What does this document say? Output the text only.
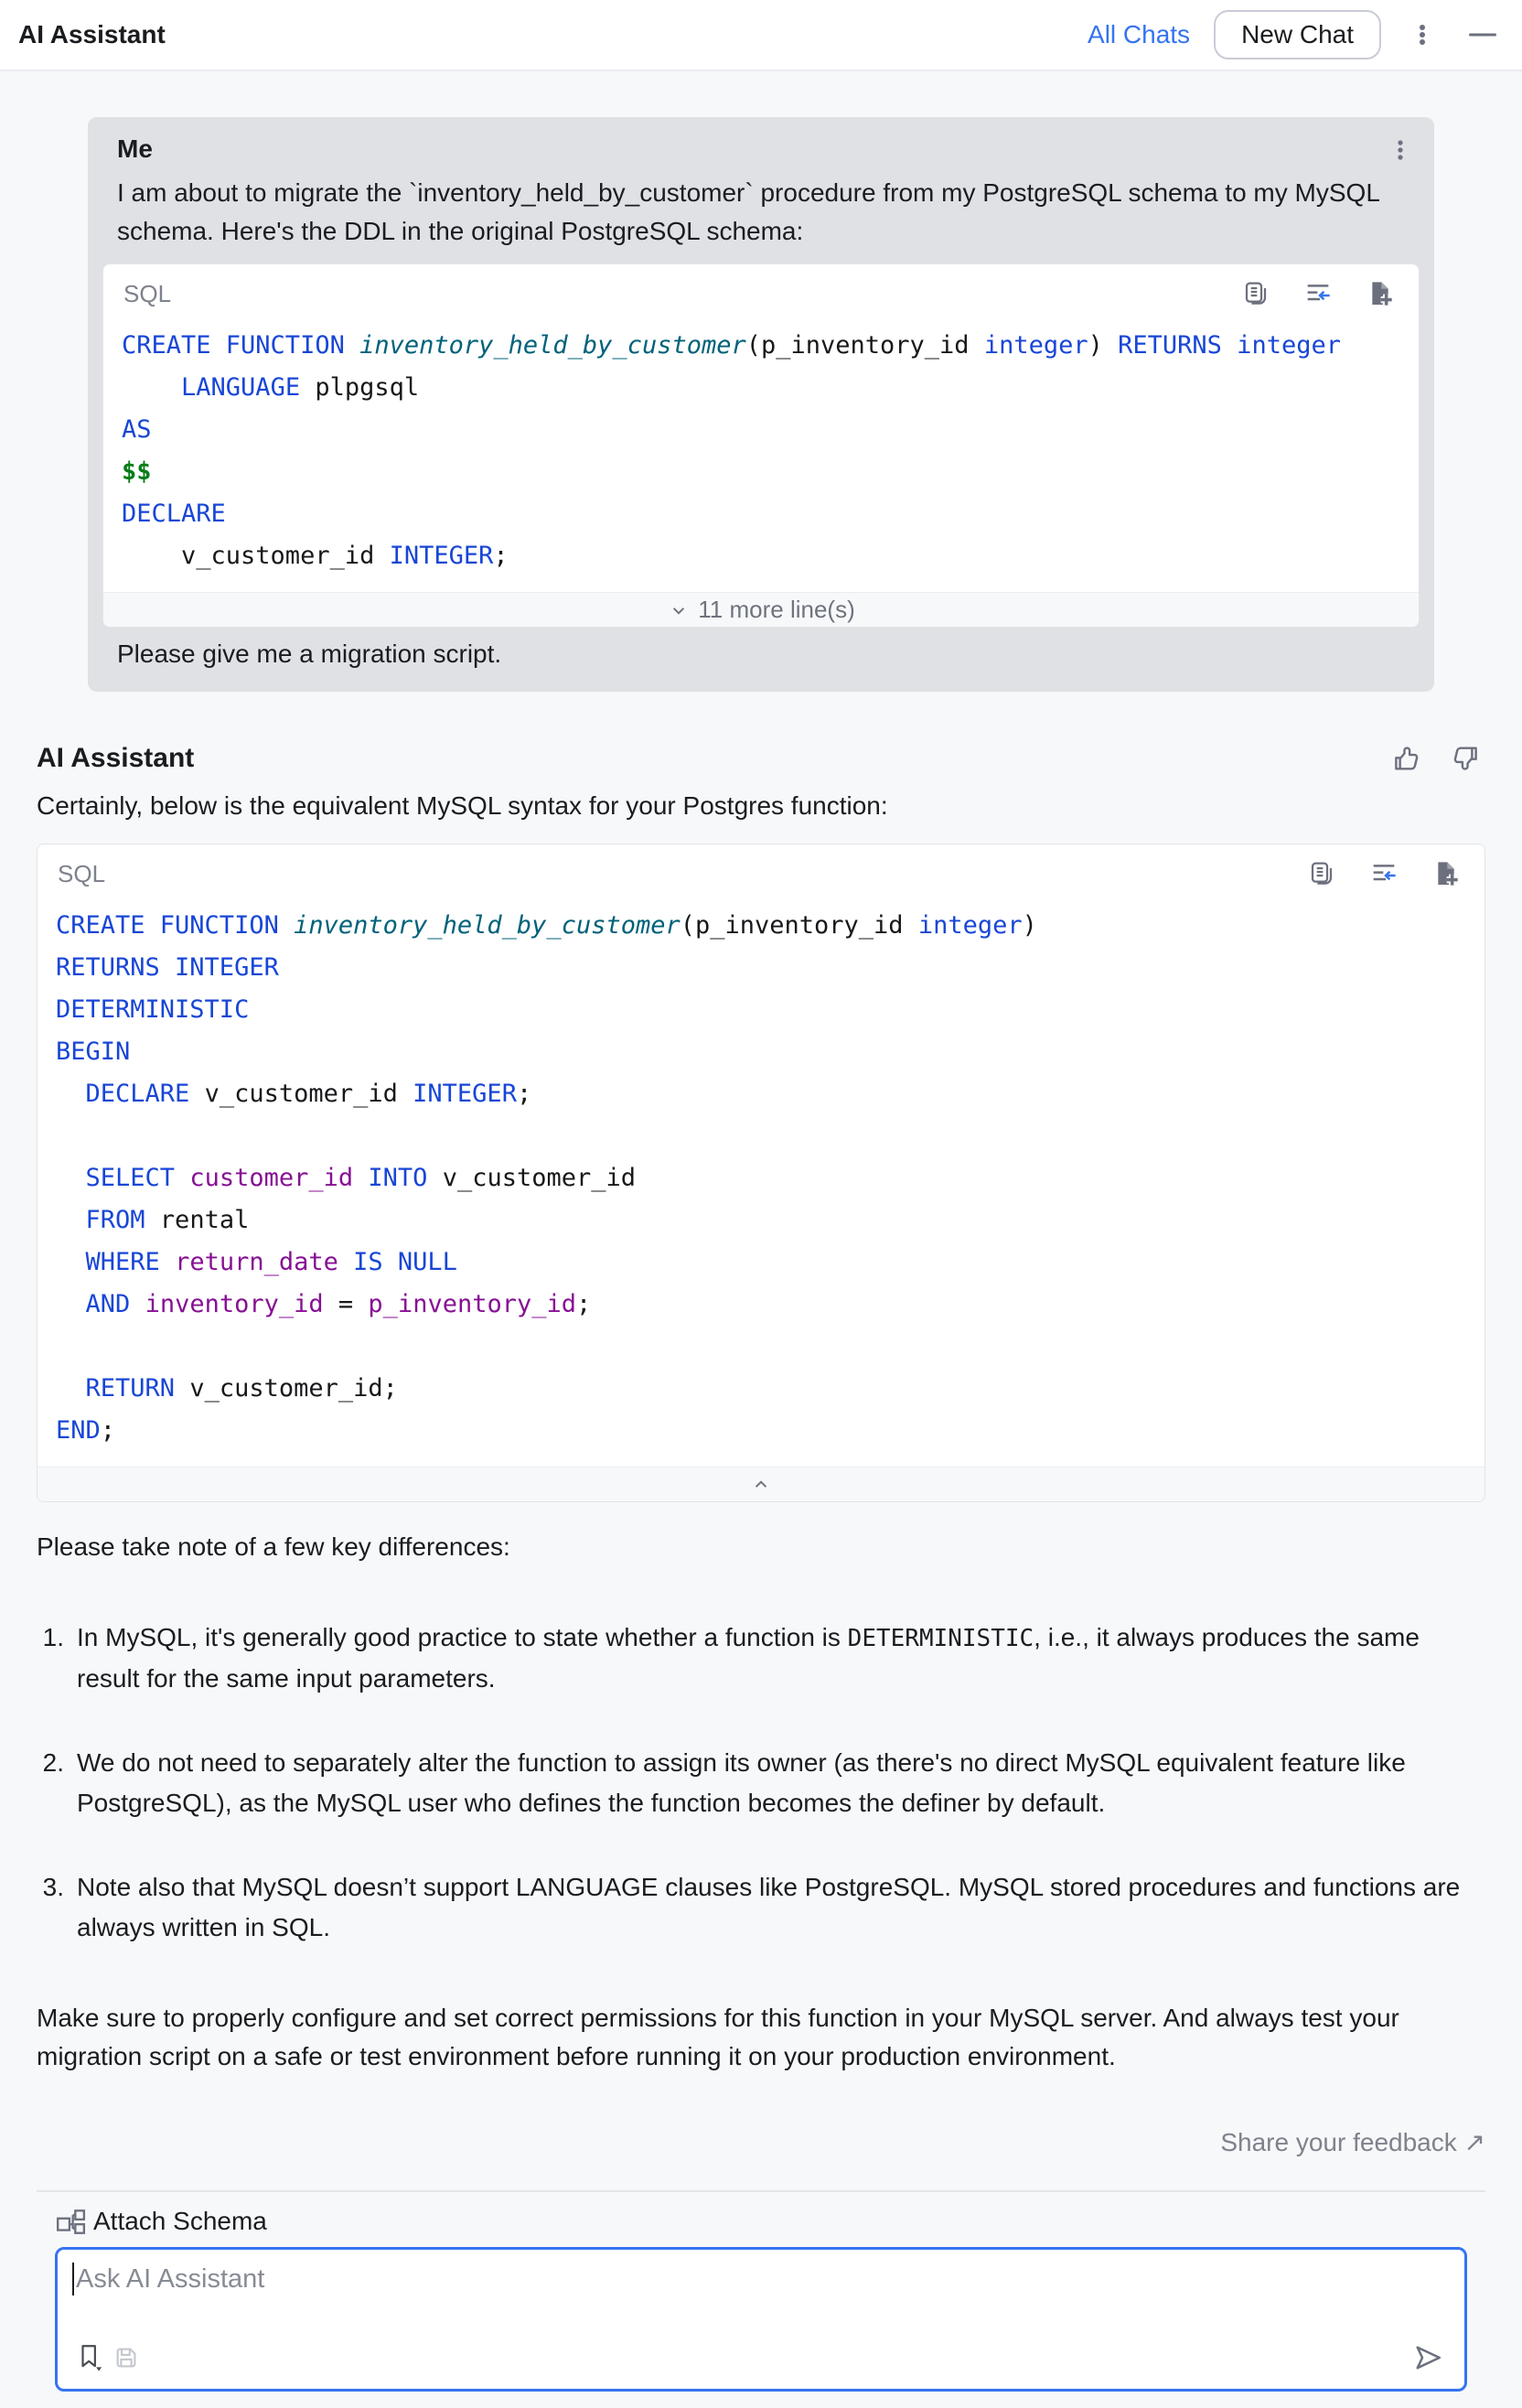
AI Assistant	All Chats	New Chat
Me

I am about to migrate the `inventory_held_by_customer` procedure from my PostgreSQL schema to my MySQL schema. Here's the DDL in the original PostgreSQL schema:

SQL
CREATE FUNCTION inventory_held_by_customer(p_inventory_id integer) RETURNS integer
LANGUAGE plpgsql
AS
$$
DECLARE
v_customer_id INTEGER;
11 more line(s)

Please give me a migration script.

AI Assistant

Certainly, below is the equivalent MySQL syntax for your Postgres function:

SQL
CREATE FUNCTION inventory_held_by_customer(p_inventory_id integer)
RETURNS INTEGER
DETERMINISTIC
BEGIN
DECLARE v_customer_id INTEGER;

SELECT customer_id INTO v_customer_id
FROM rental
WHERE return_date IS NULL
AND inventory_id = p_inventory_id;

RETURN v_customer_id;
END;

Please take note of a few key differences:

1. In MySQL, it's generally good practice to state whether a function is DETERMINISTIC, i.e., it always produces the same result for the same input parameters.
2. We do not need to separately alter the function to assign its owner (as there's no direct MySQL equivalent feature like PostgreSQL), as the MySQL user who defines the function becomes the definer by default.
3. Note also that MySQL doesn’t support LANGUAGE clauses like PostgreSQL. MySQL stored procedures and functions are always written in SQL.

Make sure to properly configure and set correct permissions for this function in your MySQL server. And always test your migration script on a safe or test environment before running it on your production environment.

Share your feedback ↗
Attach Schema
Ask AI Assistant
